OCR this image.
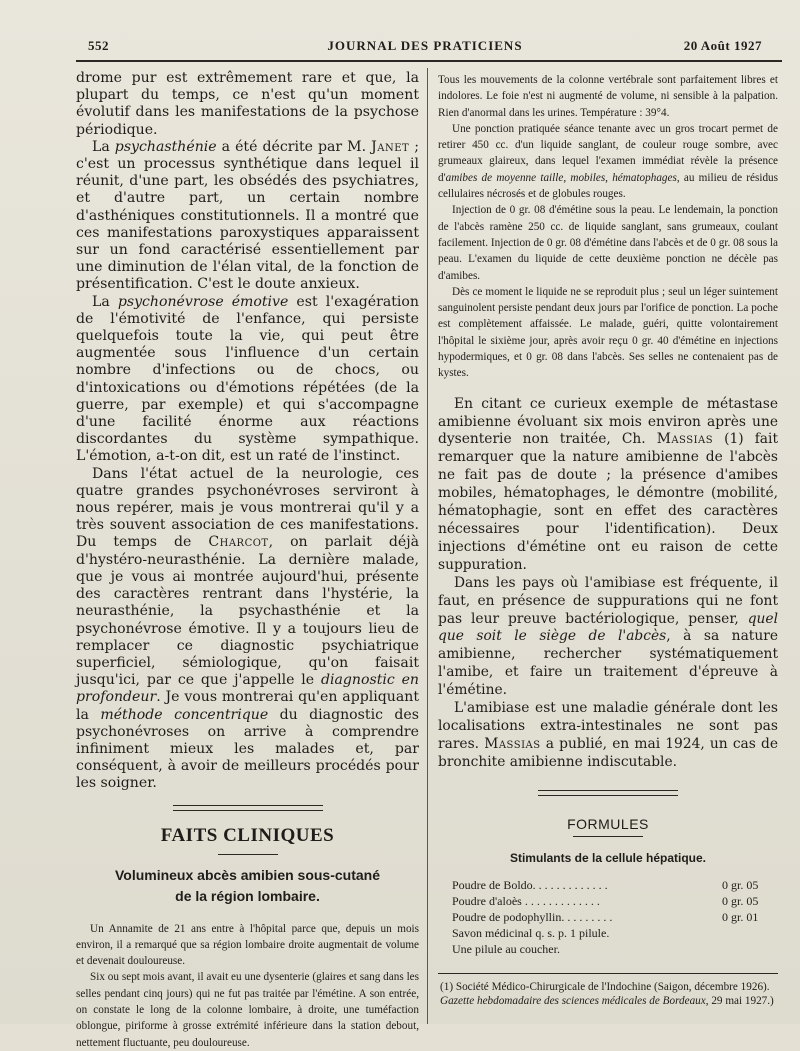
552	JOURNAL DES PRATICIENS	20 Août 1927

drome pur est extrêmement rare et que, la plupart du temps, ce n'est qu'un moment évolutif dans les manifestations de la psychose périodique.

La psychasthénie a été décrite par M. Janet ; c'est un processus synthétique dans lequel il réunit, d'une part, les obsédés des psychiatres, et d'autre part, un certain nombre d'asthéniques constitutionnels. Il a montré que ces manifestations paroxystiques apparaissent sur un fond caractérisé essentiellement par une diminution de l'élan vital, de la fonction de présentification. C'est le doute anxieux.

La psychonévrose émotive est l'exagération de l'émotivité de l'enfance, qui persiste quelquefois toute la vie, qui peut être augmentée sous l'influence d'un certain nombre d'infections ou de chocs, ou d'intoxications ou d'émotions répétées (de la guerre, par exemple) et qui s'accompagne d'une facilité énorme aux réactions discordantes du système sympathique. L'émotion, a-t-on dit, est un raté de l'instinct.

Dans l'état actuel de la neurologie, ces quatre grandes psychonévroses serviront à nous repérer, mais je vous montrerai qu'il y a très souvent association de ces manifestations. Du temps de Charcot, on parlait déjà d'hystéro-neurasthénie. La dernière malade, que je vous ai montrée aujourd'hui, présente des caractères rentrant dans l'hystérie, la neurasthénie, la psychasthénie et la psychonévrose émotive. Il y a toujours lieu de remplacer ce diagnostic psychiatrique superficiel, sémiologique, qu'on faisait jusqu'ici, par ce que j'appelle le diagnostic en profondeur. Je vous montrerai qu'en appliquant la méthode concentrique du diagnostic des psychonévroses on arrive à comprendre infiniment mieux les malades et, par conséquent, à avoir de meilleurs procédés pour les soigner.

FAITS CLINIQUES
Volumineux abcès amibien sous-cutané
de la région lombaire.

Un Annamite de 21 ans entre à l'hôpital parce que, depuis un mois environ, il a remarqué que sa région lombaire droite augmentait de volume et devenait douloureuse.

Six ou sept mois avant, il avait eu une dysenterie (glaires et sang dans les selles pendant cinq jours) qui ne fut pas traitée par l'émétine. A son entrée, on constate le long de la colonne lombaire, à droite, une tuméfaction oblongue, piriforme à grosse extrémité inférieure dans la station debout, nettement fluctuante, peu douloureuse.

Tous les mouvements de la colonne vertébrale sont parfaitement libres et indolores. Le foie n'est ni augmenté de volume, ni sensible à la palpation. Rien d'anormal dans les urines. Température : 39°4.

Une ponction pratiquée séance tenante avec un gros trocart permet de retirer 450 cc. d'un liquide sanglant, de couleur rouge sombre, avec grumeaux glaireux, dans lequel l'examen immédiat révèle la présence d'amibes de moyenne taille, mobiles, hématophages, au milieu de résidus cellulaires nécrosés et de globules rouges.

Injection de 0 gr. 08 d'émétine sous la peau. Le lendemain, la ponction de l'abcès ramène 250 cc. de liquide sanglant, sans grumeaux, coulant facilement. Injection de 0 gr. 08 d'émétine dans l'abcès et de 0 gr. 08 sous la peau. L'examen du liquide de cette deuxième ponction ne décèle pas d'amibes.

Dès ce moment le liquide ne se reproduit plus ; seul un léger suintement sanguinolent persiste pendant deux jours par l'orifice de ponction. La poche est complètement affaissée. Le malade, guéri, quitte volontairement l'hôpital le sixième jour, après avoir reçu 0 gr. 40 d'émétine en injections hypodermiques, et 0 gr. 08 dans l'abcès. Ses selles ne contenaient pas de kystes.

En citant ce curieux exemple de métastase amibienne évoluant six mois environ après une dysenterie non traitée, Ch. Massias (1) fait remarquer que la nature amibienne de l'abcès ne fait pas de doute ; la présence d'amibes mobiles, hématophages, le démontre (mobilité, hématophagie, sont en effet des caractères nécessaires pour l'identification). Deux injections d'émétine ont eu raison de cette suppuration.

Dans les pays où l'amibiase est fréquente, il faut, en présence de suppurations qui ne font pas leur preuve bactériologique, penser, quel que soit le siège de l'abcès, à sa nature amibienne, rechercher systématiquement l'amibe, et faire un traitement d'épreuve à l'émétine.

L'amibiase est une maladie générale dont les localisations extra-intestinales ne sont pas rares. Massias a publié, en mai 1924, un cas de bronchite amibienne indiscutable.

FORMULES
Stimulants de la cellule hépatique.
Poudre de Boldo. . . . . . . . . . . . .	0 gr. 05
Poudre d'aloès . . . . . . . . . . . . .	0 gr. 05
Poudre de podophyllin. . . . . . . . .	0 gr. 01
Savon médicinal q. s. p. 1 pilule.
Une pilule au coucher.
(1) Société Médico-Chirurgicale de l'Indochine (Saigon, décembre 1926). Gazette hebdomadaire des sciences médicales de Bordeaux, 29 mai 1927.)
